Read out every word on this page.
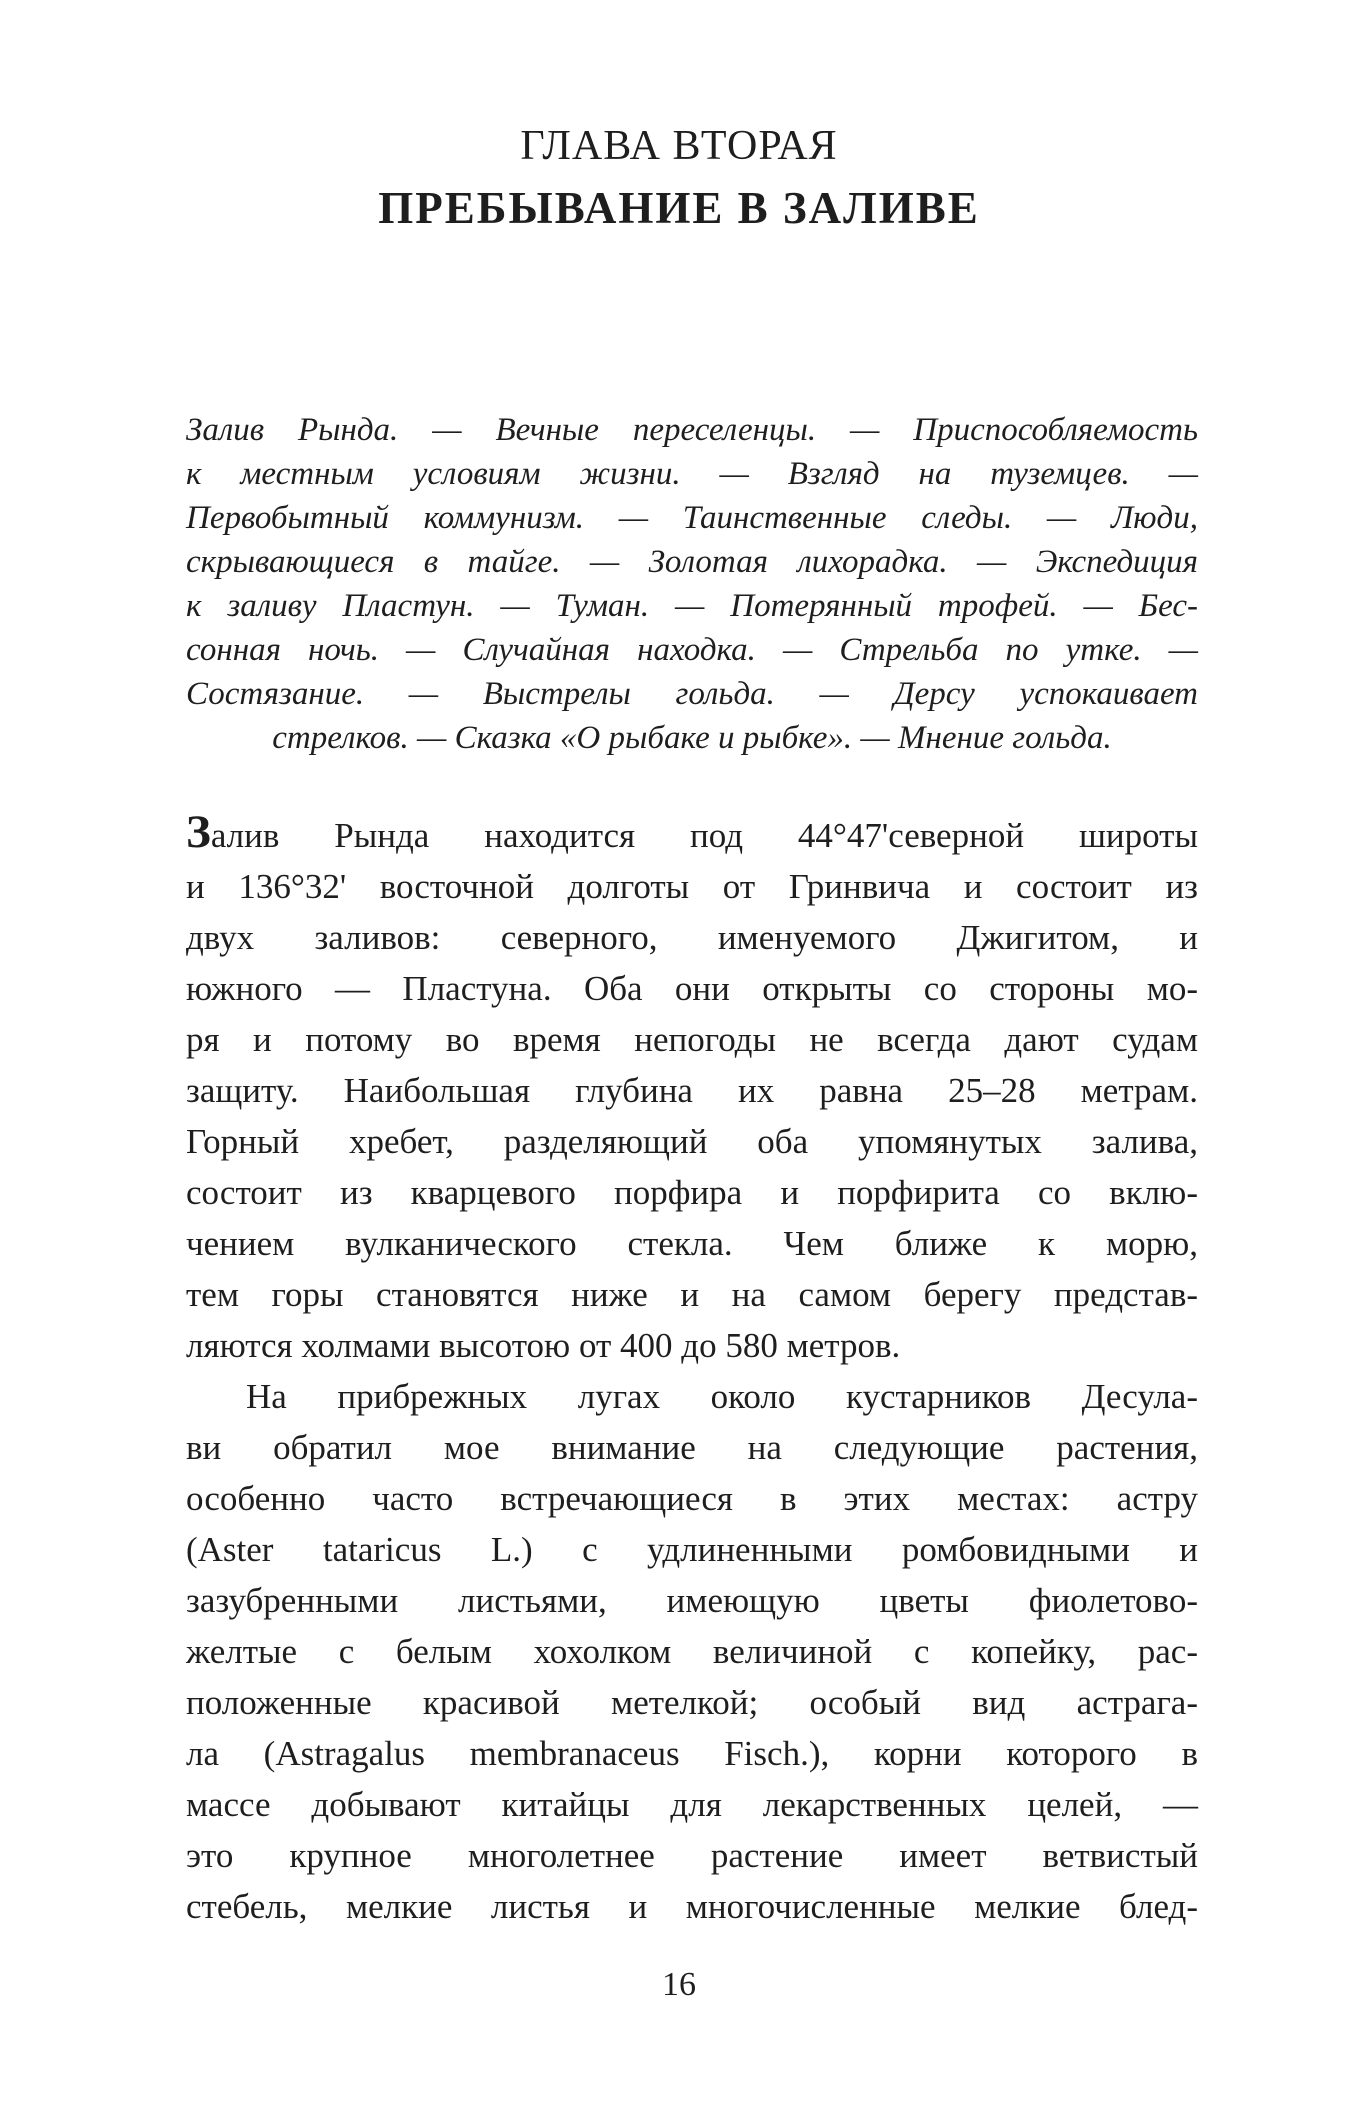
ГЛАВА ВТОРАЯ
ПРЕБЫВАНИЕ В ЗАЛИВЕ
Залив Рында. — Вечные переселенцы. — Приспособляемость
к местным условиям жизни. — Взгляд на туземцев. —
Первобытный коммунизм. — Таинственные следы. — Люди,
скрывающиеся в тайге. — Золотая лихорадка. — Экспедиция
к заливу Пластун. — Туман. — Потерянный трофей. — Бес-
сонная ночь. — Случайная находка. — Стрельба по утке. —
Состязание. — Выстрелы гольда. — Дерсу успокаивает
стрелков. — Сказка «О рыбаке и рыбке». — Мнение гольда.
Залив Рында находится под 44°47'северной широты
и 136°32' восточной долготы от Гринвича и состоит из
двух заливов: северного, именуемого Джигитом, и
южного — Пластуна. Оба они открыты со стороны мо-
ря и потому во время непогоды не всегда дают судам
защиту. Наибольшая глубина их равна 25–28 метрам.
Горный хребет, разделяющий оба упомянутых залива,
состоит из кварцевого порфира и порфирита со вклю-
чением вулканического стекла. Чем ближе к морю,
тем горы становятся ниже и на самом берегу представ-
ляются холмами высотою от 400 до 580 метров.
На прибрежных лугах около кустарников Десула-
ви обратил мое внимание на следующие растения,
особенно часто встречающиеся в этих местах: астру
(Aster tataricus L.) с удлиненными ромбовидными и
зазубренными листьями, имеющую цветы фиолетово-
желтые с белым хохолком величиной с копейку, рас-
положенные красивой метелкой; особый вид астрага-
ла (Astragalus membranaceus Fisch.), корни которого в
массе добывают китайцы для лекарственных целей, —
это крупное многолетнее растение имеет ветвистый
стебель, мелкие листья и многочисленные мелкие блед-
16
